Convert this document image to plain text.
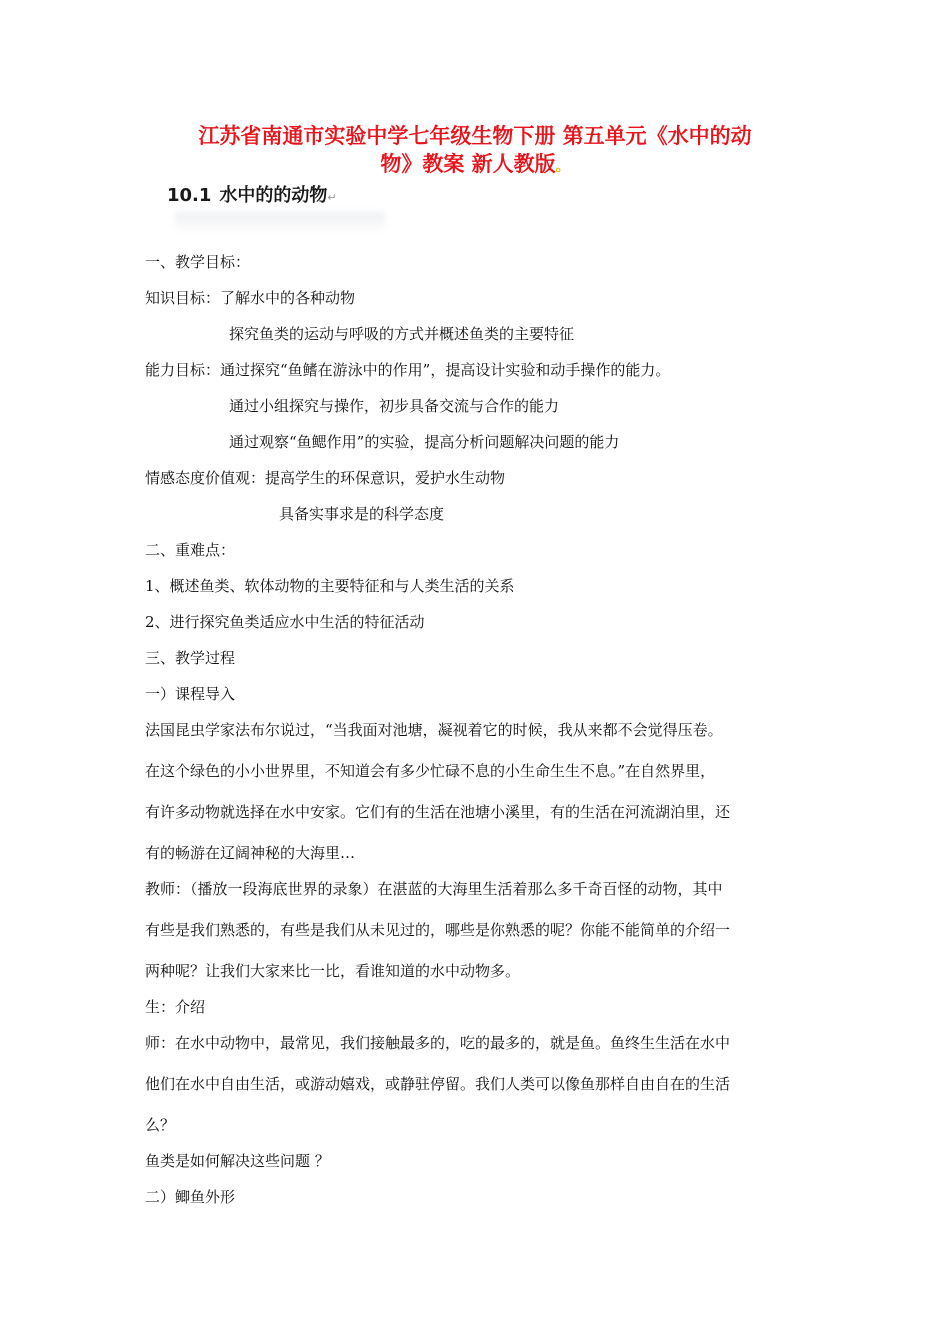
江苏省南通市实验中学七年级生物下册 第五单元《水中的动
物》教案 新人教版。
10.1 水中的的动物↵
一、教学目标：
知识目标：了解水中的各种动物
探究鱼类的运动与呼吸的方式并概述鱼类的主要特征
能力目标：通过探究“鱼鳍在游泳中的作用”，提高设计实验和动手操作的能力。
通过小组探究与操作，初步具备交流与合作的能力
通过观察“鱼鳃作用”的实验，提高分析问题解决问题的能力
情感态度价值观：提高学生的环保意识，爱护水生动物
具备实事求是的科学态度
二、重难点：
1、概述鱼类、软体动物的主要特征和与人类生活的关系
2、进行探究鱼类适应水中生活的特征活动
三、教学过程
一）课程导入
法国昆虫学家法布尔说过，“当我面对池塘，凝视着它的时候，我从来都不会觉得压卷。
在这个绿色的小小世界里，不知道会有多少忙碌不息的小生命生生不息。”在自然界里，
有许多动物就选择在水中安家。它们有的生活在池塘小溪里，有的生活在河流湖泊里，还
有的畅游在辽阔神秘的大海里…
教师：（播放一段海底世界的录象）在湛蓝的大海里生活着那么多千奇百怪的动物，其中
有些是我们熟悉的，有些是我们从未见过的，哪些是你熟悉的呢？你能不能简单的介绍一
两种呢？让我们大家来比一比，看谁知道的水中动物多。
生：介绍
师：在水中动物中，最常见，我们接触最多的，吃的最多的，就是鱼。鱼终生生活在水中
他们在水中自由生活，或游动嬉戏，或静驻停留。我们人类可以像鱼那样自由自在的生活
么？
鱼类是如何解决这些问题 ？
二）鲫鱼外形
